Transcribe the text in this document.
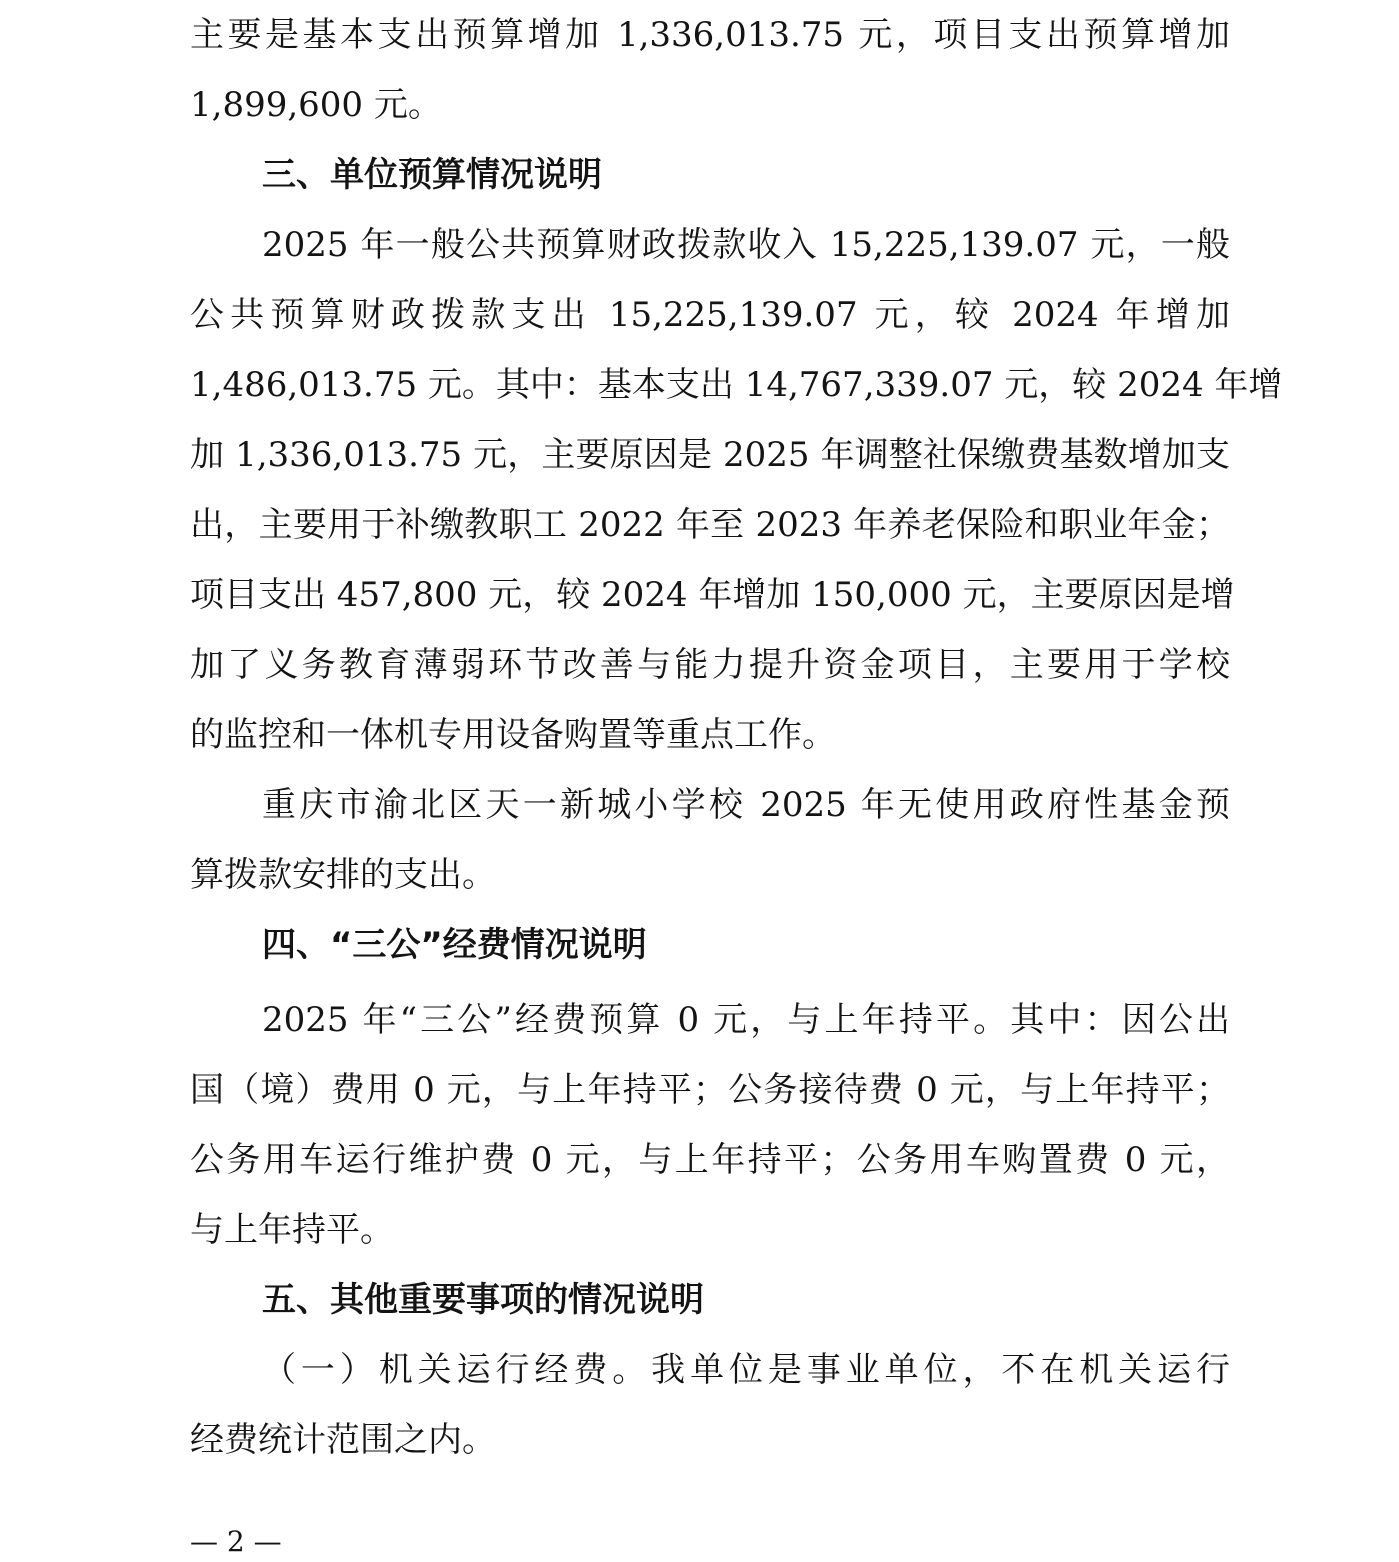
主要是基本支出预算增加 1,336,013.75 元，项目支出预算增加
1,899,600 元。
三、单位预算情况说明
2025 年一般公共预算财政拨款收入 15,225,139.07 元，一般
公共预算财政拨款支出 15,225,139.07 元，较 2024 年增加
1,486,013.75 元。其中：基本支出 14,767,339.07 元，较 2024 年增
加 1,336,013.75 元，主要原因是 2025 年调整社保缴费基数增加支
出，主要用于补缴教职工 2022 年至 2023 年养老保险和职业年金；
项目支出 457,800 元，较 2024 年增加 150,000 元，主要原因是增
加了义务教育薄弱环节改善与能力提升资金项目，主要用于学校
的监控和一体机专用设备购置等重点工作。
重庆市渝北区天一新城小学校 2025 年无使用政府性基金预
算拨款安排的支出。
四、“三公”经费情况说明
2025 年“三公”经费预算 0 元，与上年持平。其中：因公出
国（境）费用 0 元，与上年持平；公务接待费 0 元，与上年持平；
公务用车运行维护费 0 元，与上年持平；公务用车购置费 0 元，
与上年持平。
五、其他重要事项的情况说明
（一）机关运行经费。我单位是事业单位，不在机关运行
经费统计范围之内。
— 2 —
